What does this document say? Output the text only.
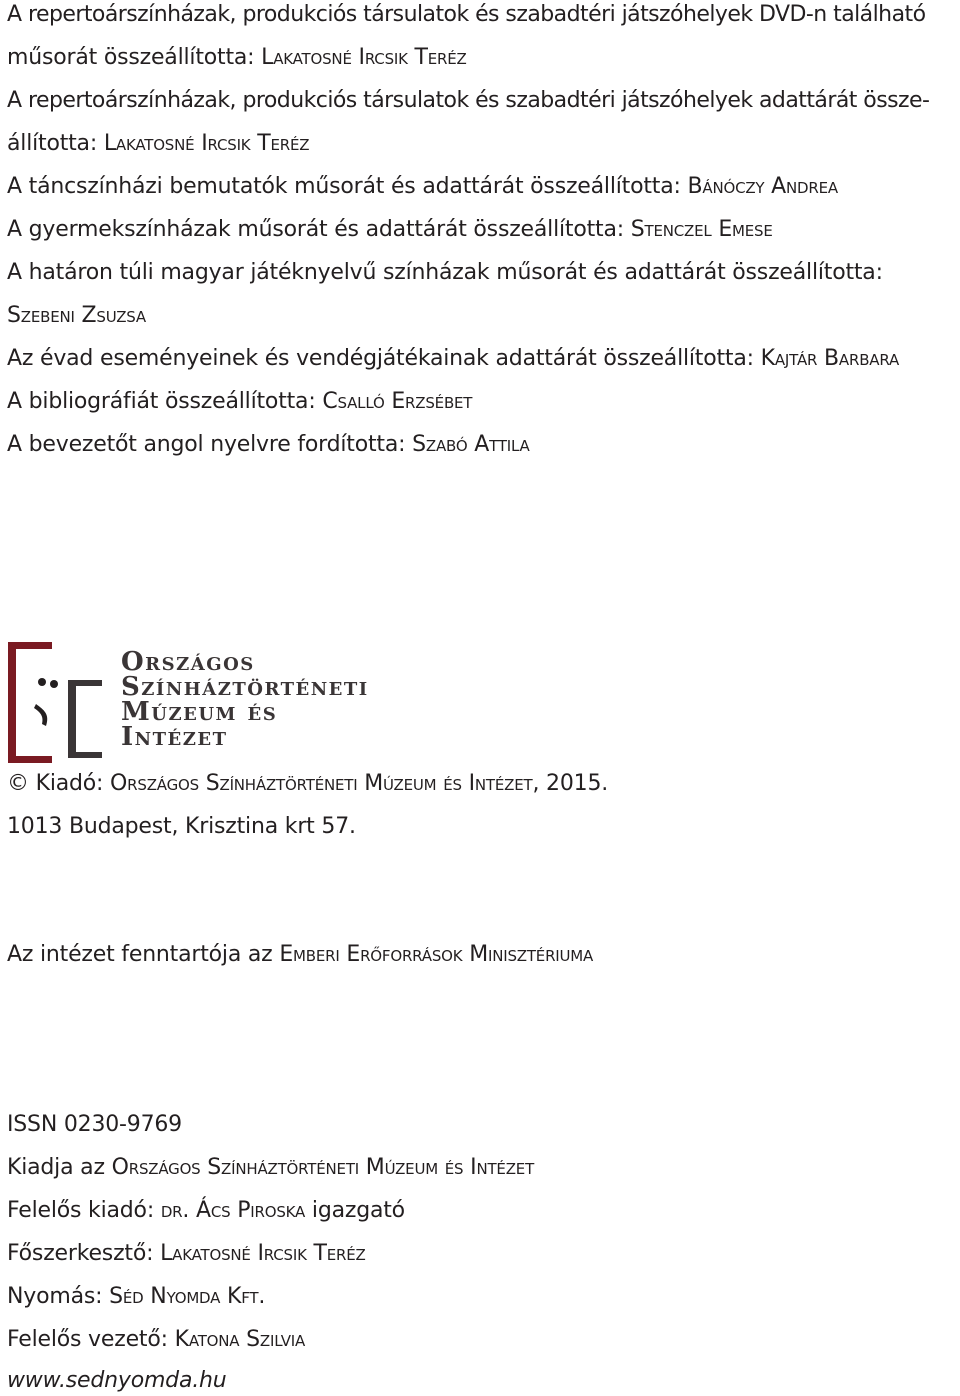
A repertoárszínházak, produkciós társulatok és szabadtéri játszóhelyek DVD-n található
műsorát összeállította: Lakatosné Ircsik Teréz
A repertoárszínházak, produkciós társulatok és szabadtéri játszóhelyek adattárát össze-
állította: Lakatosné Ircsik Teréz
A táncszínházi bemutatók műsorát és adattárát összeállította: Bánóczy Andrea
A gyermekszínházak műsorát és adattárát összeállította: Stenczel Emese
A határon túli magyar játéknyelvű színházak műsorát és adattárát összeállította:
Szebeni Zsuzsa
Az évad eseményeinek és vendégjátékainak adattárát összeállította: Kajtár Barbara
A bibliográfiát összeállította: Csalló Erzsébet
A bevezetőt angol nyelvre fordította: Szabó Attila
Országos
Színháztörténeti
Múzeum és
Intézet
© Kiadó: Országos Színháztörténeti Múzeum és Intézet, 2015.
1013 Budapest, Krisztina krt 57.
Az intézet fenntartója az Emberi Erőforrások Minisztériuma
ISSN 0230-9769
Kiadja az Országos Színháztörténeti Múzeum és Intézet
Felelős kiadó: dr. Ács Piroska igazgató
Főszerkesztő: Lakatosné Ircsik Teréz
Nyomás: Séd Nyomda Kft.
Felelős vezető: Katona Szilvia
www.sednyomda.hu
